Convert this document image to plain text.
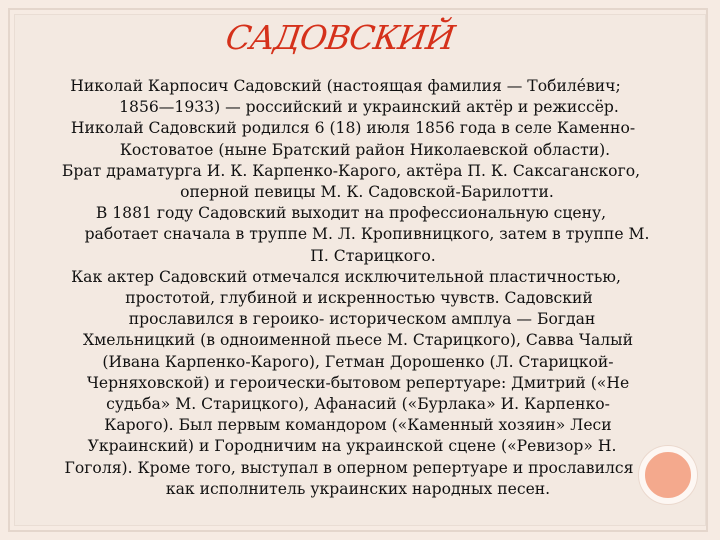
САДОВСКИЙ
Николай Карпосич Садовский (настоящая фамилия — Тобиле́вич;
1856—1933) — российский и украинский актёр и режиссёр.
Николай Садовский родился 6 (18) июля 1856 года в селе Каменно-
Костоватое (ныне Братский район Николаевской области).
Брат драматурга И. К. Карпенко-Карого, актёра П. К. Саксаганского,
оперной певицы М. К. Садовской-Барилотти.
В 1881 году Садовский выходит на профессиональную сцену,
работает сначала в труппе М. Л. Кропивницкого, затем в труппе М.
П. Старицкого.
Как актер Садовский отмечался исключительной пластичностью,
простотой, глубиной и искренностью чувств. Садовский
прославился в героико- историческом амплуа — Богдан
Хмельницкий (в одноименной пьесе М. Старицкого), Савва Чалый
(Ивана Карпенко-Карого), Гетман Дорошенко (Л. Старицкой-
Черняховской) и героически-бытовом репертуаре: Дмитрий («Не
судьба» М. Старицкого), Афанасий («Бурлака» И. Карпенко-
Карого). Был первым командором («Каменный хозяин» Леси
Украинский) и Городничим на украинской сцене («Ревизор» Н.
Гоголя). Кроме того, выступал в оперном репертуаре и прославился
как исполнитель украинских народных песен.
